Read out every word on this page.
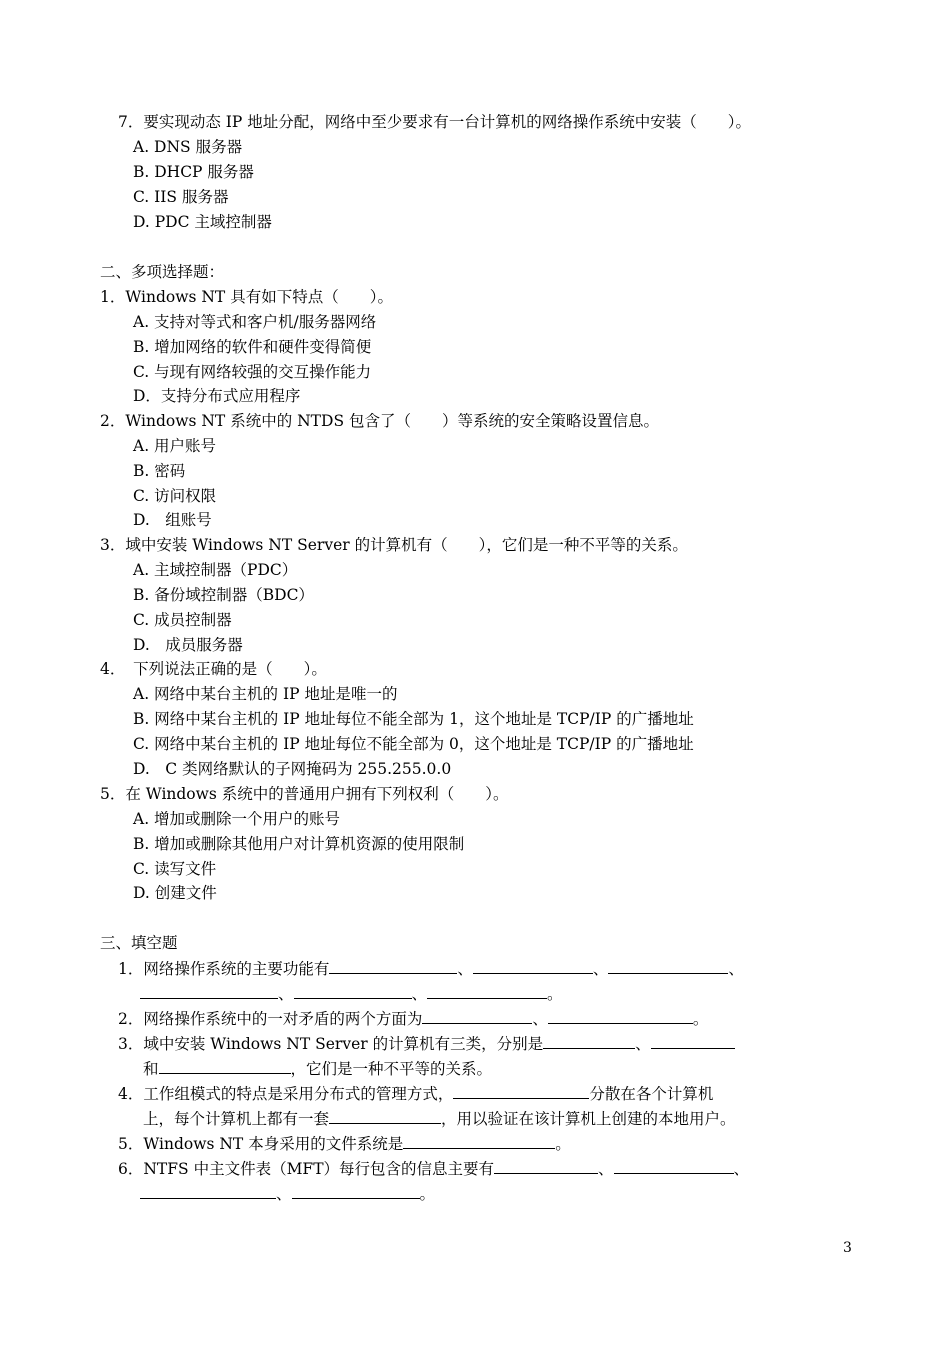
7．要实现动态 IP 地址分配，网络中至少要求有一台计算机的网络操作系统中安装（　　）。
A. DNS 服务器
B. DHCP 服务器
C. IIS 服务器
D. PDC 主域控制器
二、多项选择题：
1．Windows NT 具有如下特点（　　）。
A. 支持对等式和客户机/服务器网络
B. 增加网络的软件和硬件变得简便
C. 与现有网络较强的交互操作能力
D．支持分布式应用程序
2．Windows NT 系统中的 NTDS 包含了（　　）等系统的安全策略设置信息。
A. 用户账号
B. 密码
C. 访问权限
D.　组账号
3．域中安装 Windows NT Server 的计算机有（　　），它们是一种不平等的关系。
A. 主域控制器（PDC）
B. 备份域控制器（BDC）
C. 成员控制器
D.　成员服务器
4．　下列说法正确的是（　　）。
A. 网络中某台主机的 IP 地址是唯一的
B. 网络中某台主机的 IP 地址每位不能全部为 1，这个地址是 TCP/IP 的广播地址
C. 网络中某台主机的 IP 地址每位不能全部为 0，这个地址是 TCP/IP 的广播地址
D.　C 类网络默认的子网掩码为 255.255.0.0
5．在 Windows 系统中的普通用户拥有下列权利（　　）。
A. 增加或删除一个用户的账号
B. 增加或删除其他用户对计算机资源的使用限制
C. 读写文件
D. 创建文件
三、填空题
1．网络操作系统的主要功能有	、	、	、
、	、	。
2．网络操作系统中的一对矛盾的两个方面为	、	。
3．域中安装 Windows NT Server 的计算机有三类，分别是	、
和	，它们是一种不平等的关系。
4．工作组模式的特点是采用分布式的管理方式，	分散在各个计算机
上，每个计算机上都有一套	，用以验证在该计算机上创建的本地用户。
5．Windows NT 本身采用的文件系统是	。
6．NTFS 中主文件表（MFT）每行包含的信息主要有	、	、
、	。
3
